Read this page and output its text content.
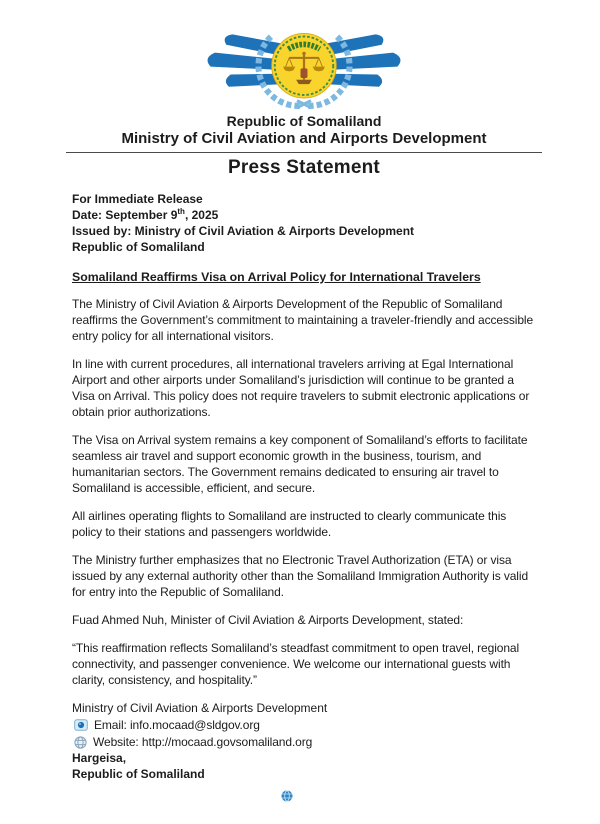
Republic of Somaliland
Ministry of Civil Aviation and Airports Development
Press Statement
For Immediate Release
Date: September 9th, 2025
Issued by: Ministry of Civil Aviation & Airports Development
Republic of Somaliland
Somaliland Reaffirms Visa on Arrival Policy for International Travelers

The Ministry of Civil Aviation & Airports Development of the Republic of Somaliland reaffirms the Government’s commitment to maintaining a traveler-friendly and accessible entry policy for all international visitors.

In line with current procedures, all international travelers arriving at Egal International Airport and other airports under Somaliland’s jurisdiction will continue to be granted a Visa on Arrival. This policy does not require travelers to submit electronic applications or obtain prior authorizations.

The Visa on Arrival system remains a key component of Somaliland’s efforts to facilitate seamless air travel and support economic growth in the business, tourism, and humanitarian sectors. The Government remains dedicated to ensuring air travel to Somaliland is accessible, efficient, and secure.

All airlines operating flights to Somaliland are instructed to clearly communicate this policy to their stations and passengers worldwide.

The Ministry further emphasizes that no Electronic Travel Authorization (ETA) or visa issued by any external authority other than the Somaliland Immigration Authority is valid for entry into the Republic of Somaliland.

Fuad Ahmed Nuh, Minister of Civil Aviation & Airports Development, stated:

“This reaffirmation reflects Somaliland’s steadfast commitment to open travel, regional connectivity, and passenger convenience. We welcome our international guests with clarity, consistency, and hospitality.”

Ministry of Civil Aviation & Airports Development
Email: info.mocaad@sldgov.org
Website: http://mocaad.govsomaliland.org
Hargeisa,
Republic of Somaliland
